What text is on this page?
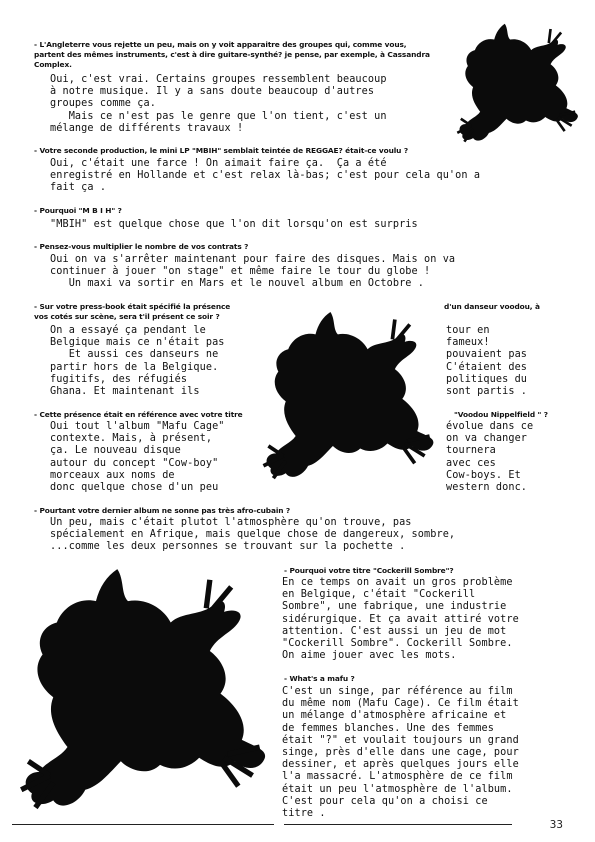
- L'Angleterre vous rejette un peu, mais on y voit apparaitre des groupes qui, comme vous,
partent des mêmes instruments, c'est à dire guitare-synthé? je pense, par exemple, à Cassandra
Complex.
Oui, c'est vrai. Certains groupes ressemblent beaucoup
à notre musique. Il y a sans doute beaucoup d'autres
groupes comme ça.
Mais ce n'est pas le genre que l'on tient, c'est un
mélange de différents travaux !
- Votre seconde production, le mini LP "MBIH" semblait teintée de REGGAE? était-ce voulu ?
Oui, c'était une farce ! On aimait faire ça.  Ça a été
enregistré en Hollande et c'est relax là-bas; c'est pour cela qu'on a
fait ça .
- Pourquoi "M B I H" ?
"MBIH" est quelque chose que l'on dit lorsqu'on est surpris
- Pensez-vous multiplier le nombre de vos contrats ?
Oui on va s'arrêter maintenant pour faire des disques. Mais on va
continuer à jouer "on stage" et même faire le tour du globe !
Un maxi va sortir en Mars et le nouvel album en Octobre .
- Sur votre press-book était spécifié la présence
vos cotés sur scène, sera t'il présent ce soir ?
d'un danseur voodou, à
On a essayé ça pendant le
Belgique mais ce n'était pas
Et aussi ces danseurs ne
partir hors de la Belgique.
fugitifs, des réfugiés
Ghana. Et maintenant ils
tour en
fameux!
pouvaient pas
C'étaient des
politiques du
sont partis .
- Cette présence était en référence avec votre titre	"Voodou Nippelfield " ?
Oui tout l'album "Mafu Cage"
contexte. Mais, à présent,
ça. Le nouveau disque
autour du concept "Cow-boy"
morceaux aux noms de
donc quelque chose d'un peu
évolue dans ce
on va changer
tournera
avec ces
Cow-boys. Et
western donc.
- Pourtant votre dernier album ne sonne pas très afro-cubain ?
Un peu, mais c'était plutot l'atmosphère qu'on trouve, pas
spécialement en Afrique, mais quelque chose de dangereux, sombre,
...comme les deux personnes se trouvant sur la pochette .
- Pourquoi votre titre "Cockerill Sombre"?
En ce temps on avait un gros problème
en Belgique, c'était "Cockerill
Sombre", une fabrique, une industrie
sidérurgique. Et ça avait attiré votre
attention. C'est aussi un jeu de mot
"Cockerill Sombre". Cockerill Sombre.
On aime jouer avec les mots.
- What's a mafu ?
C'est un singe, par référence au film
du même nom (Mafu Cage). Ce film était
un mélange d'atmosphère africaine et
de femmes blanches. Une des femmes
était "?" et voulait toujours un grand
singe, près d'elle dans une cage, pour
dessiner, et après quelques jours elle
l'a massacré. L'atmosphère de ce film
était un peu l'atmosphère de l'album.
C'est pour cela qu'on a choisi ce
titre .
33
